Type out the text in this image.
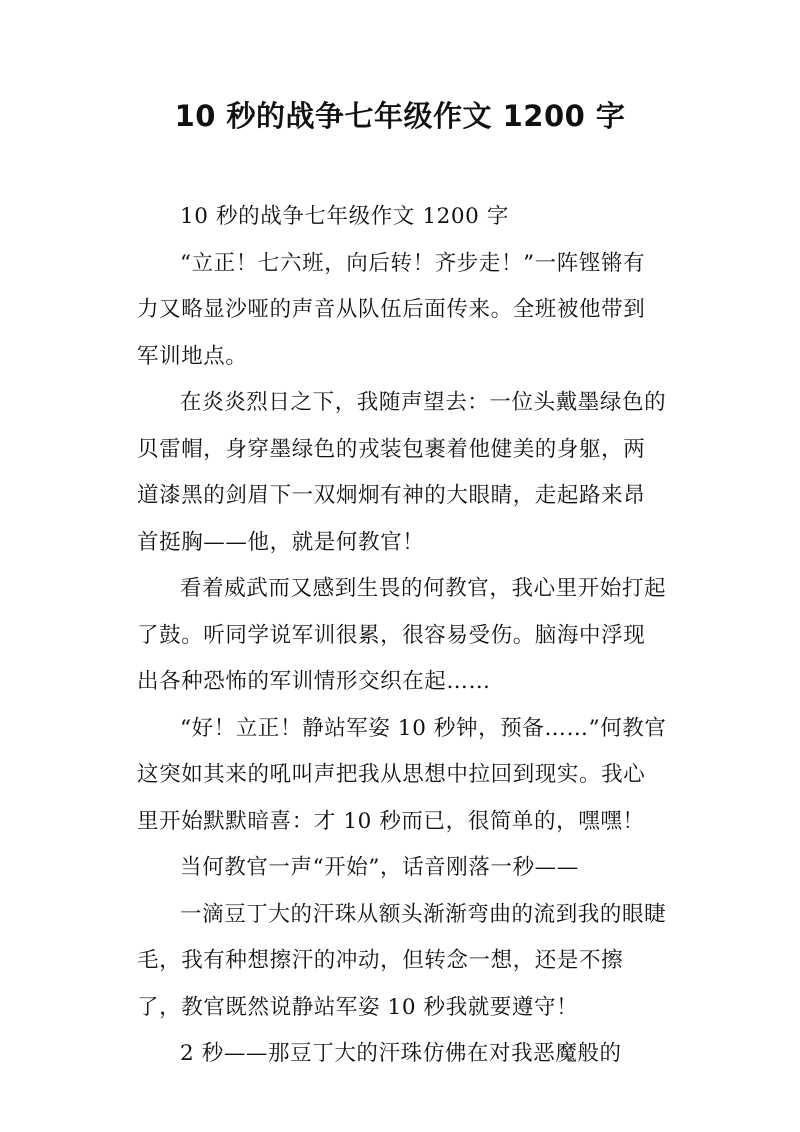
10 秒的战争七年级作文 1200 字

10 秒的战争七年级作文 1200 字

“立正！七六班，向后转！齐步走！”一阵铿锵有力又略显沙哑的声音从队伍后面传来。全班被他带到军训地点。

在炎炎烈日之下，我随声望去：一位头戴墨绿色的贝雷帽，身穿墨绿色的戎装包裹着他健美的身躯，两道漆黑的剑眉下一双炯炯有神的大眼睛，走起路来昂首挺胸——他，就是何教官！

看着威武而又感到生畏的何教官，我心里开始打起了鼓。听同学说军训很累，很容易受伤。脑海中浮现出各种恐怖的军训情形交织在起……

“好！立正！静站军姿 10 秒钟，预备……”何教官这突如其来的吼叫声把我从思想中拉回到现实。我心里开始默默暗喜：才 10 秒而已，很简单的，嘿嘿！

当何教官一声“开始”，话音刚落一秒——

一滴豆丁大的汗珠从额头渐渐弯曲的流到我的眼睫毛，我有种想擦汗的冲动，但转念一想，还是不擦了，教官既然说静站军姿 10 秒我就要遵守！

2 秒——那豆丁大的汗珠仿佛在对我恶魔般的
